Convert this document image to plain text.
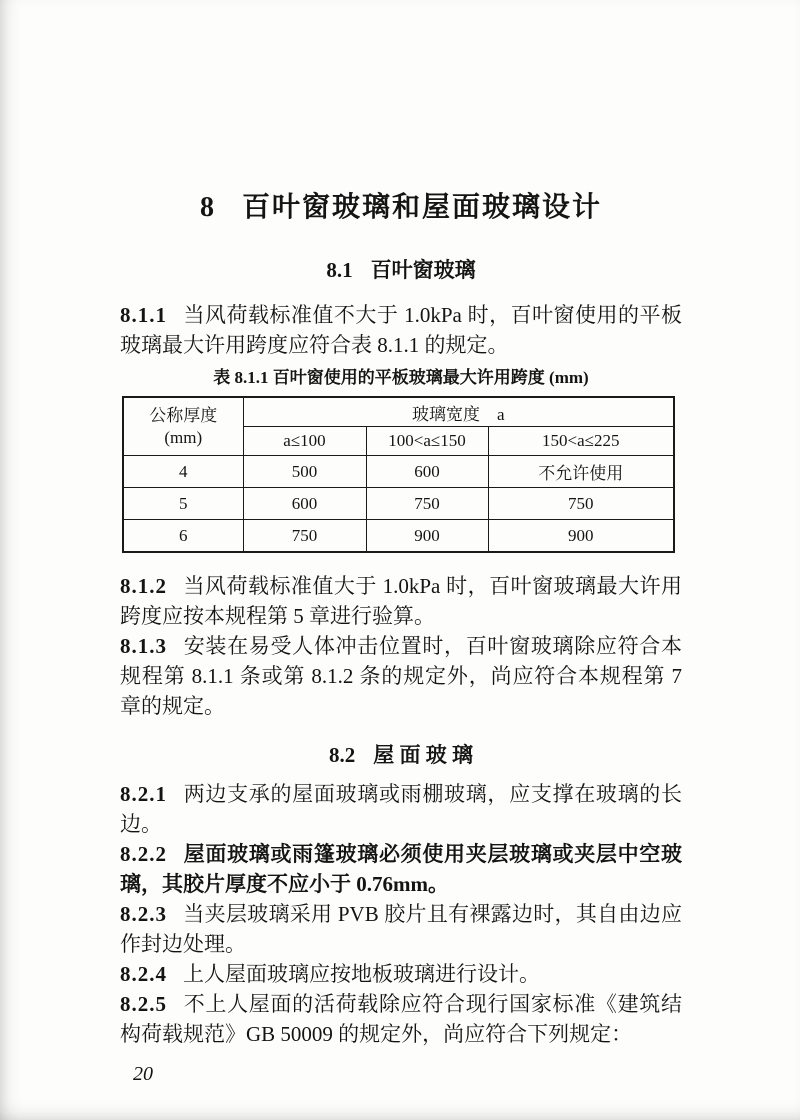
8 百叶窗玻璃和屋面玻璃设计
8.1 百叶窗玻璃

8.1.1 当风荷载标准值不大于 1.0kPa 时，百叶窗使用的平板玻璃最大许用跨度应符合表 8.1.1 的规定。

表 8.1.1 百叶窗使用的平板玻璃最大许用跨度 (mm)
公称厚度
(mm)	玻璃宽度　a		
	a≤100	100<a≤150	150<a≤225
4	500	600	不允许使用
5	600	750	750
6	750	900	900

8.1.2 当风荷载标准值大于 1.0kPa 时，百叶窗玻璃最大许用跨度应按本规程第 5 章进行验算。

8.1.3 安装在易受人体冲击位置时，百叶窗玻璃除应符合本规程第 8.1.1 条或第 8.1.2 条的规定外，尚应符合本规程第 7 章的规定。

8.2 屋 面 玻 璃

8.2.1 两边支承的屋面玻璃或雨棚玻璃，应支撑在玻璃的长边。

8.2.2 屋面玻璃或雨篷玻璃必须使用夹层玻璃或夹层中空玻璃，其胶片厚度不应小于 0.76mm。

8.2.3 当夹层玻璃采用 PVB 胶片且有裸露边时，其自由边应作封边处理。

8.2.4 上人屋面玻璃应按地板玻璃进行设计。

8.2.5 不上人屋面的活荷载除应符合现行国家标准《建筑结构荷载规范》GB 50009 的规定外，尚应符合下列规定：

20
